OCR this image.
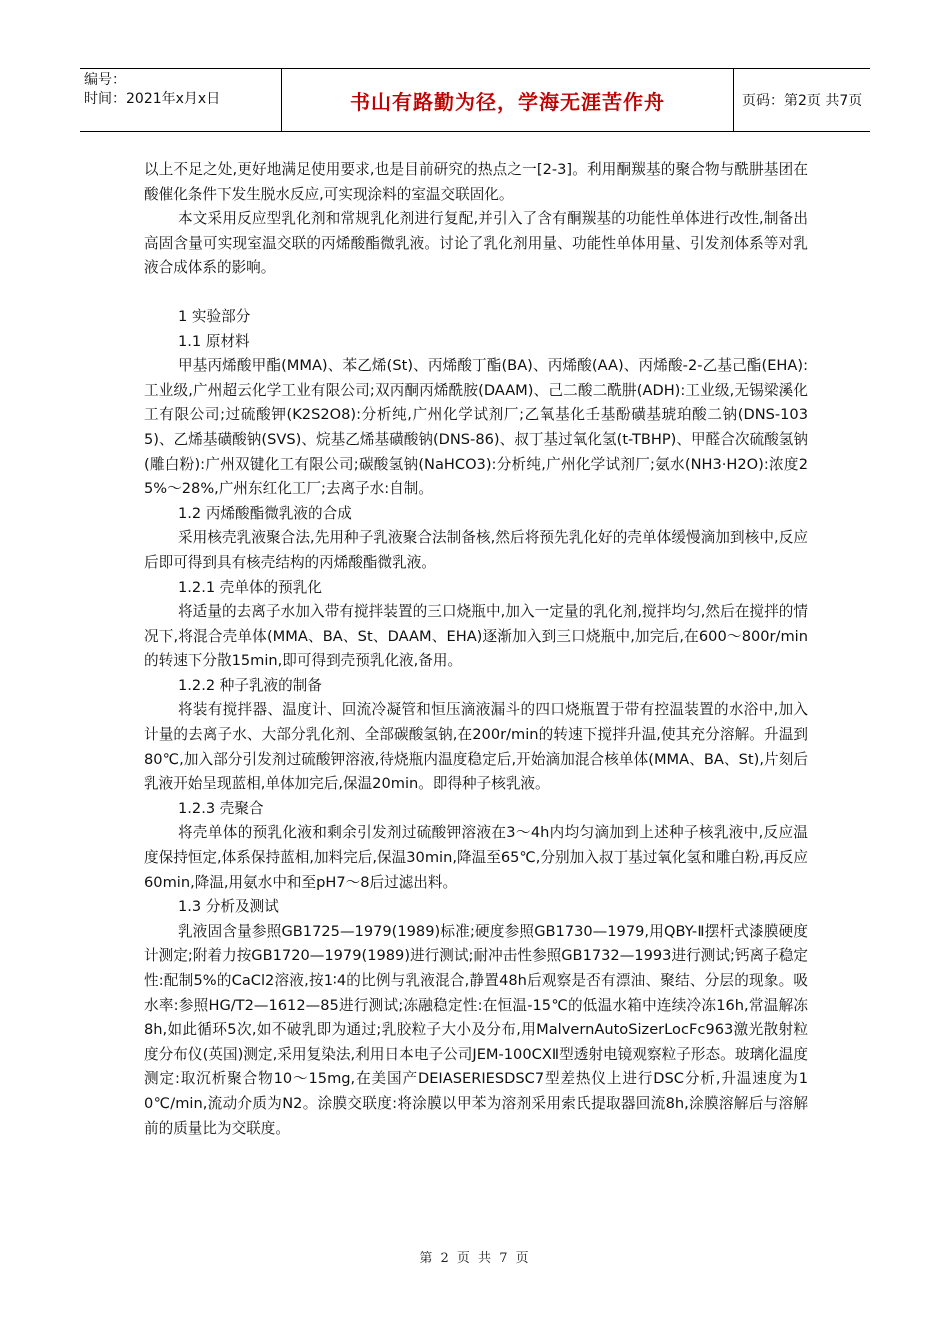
编号：
时间：2021年x月x日	书山有路勤为径，学海无涯苦作舟	页码：第2页 共7页

以上不足之处,更好地满足使用要求,也是目前研究的热点之一[2-3]。利用酮羰基的聚合物与酰肼基团在酸催化条件下发生脱水反应,可实现涂料的室温交联固化。

本文采用反应型乳化剂和常规乳化剂进行复配,并引入了含有酮羰基的功能性单体进行改性,制备出高固含量可实现室温交联的丙烯酸酯微乳液。讨论了乳化剂用量、功能性单体用量、引发剂体系等对乳液合成体系的影响。

1 实验部分

1.1 原材料

甲基丙烯酸甲酯(MMA)、苯乙烯(St)、丙烯酸丁酯(BA)、丙烯酸(AA)、丙烯酸-2-乙基己酯(EHA):工业级,广州超云化学工业有限公司;双丙酮丙烯酰胺(DAAM)、己二酸二酰肼(ADH):工业级,无锡梁溪化工有限公司;过硫酸钾(K2S2O8):分析纯,广州化学试剂厂;乙氧基化壬基酚磺基琥珀酸二钠(DNS-1035)、乙烯基磺酸钠(SVS)、烷基乙烯基磺酸钠(DNS-86)、叔丁基过氧化氢(t-TBHP)、甲醛合次硫酸氢钠(雕白粉):广州双键化工有限公司;碳酸氢钠(NaHCO3):分析纯,广州化学试剂厂;氨水(NH3·H2O):浓度25%～28%,广州东红化工厂;去离子水:自制。

1.2 丙烯酸酯微乳液的合成

采用核壳乳液聚合法,先用种子乳液聚合法制备核,然后将预先乳化好的壳单体缓慢滴加到核中,反应后即可得到具有核壳结构的丙烯酸酯微乳液。

1.2.1 壳单体的预乳化

将适量的去离子水加入带有搅拌装置的三口烧瓶中,加入一定量的乳化剂,搅拌均匀,然后在搅拌的情况下,将混合壳单体(MMA、BA、St、DAAM、EHA)逐渐加入到三口烧瓶中,加完后,在600～800r/min的转速下分散15min,即可得到壳预乳化液,备用。

1.2.2 种子乳液的制备

将装有搅拌器、温度计、回流冷凝管和恒压滴液漏斗的四口烧瓶置于带有控温装置的水浴中,加入计量的去离子水、大部分乳化剂、全部碳酸氢钠,在200r/min的转速下搅拌升温,使其充分溶解。升温到80℃,加入部分引发剂过硫酸钾溶液,待烧瓶内温度稳定后,开始滴加混合核单体(MMA、BA、St),片刻后乳液开始呈现蓝相,单体加完后,保温20min。即得种子核乳液。

1.2.3 壳聚合

将壳单体的预乳化液和剩余引发剂过硫酸钾溶液在3～4h内均匀滴加到上述种子核乳液中,反应温度保持恒定,体系保持蓝相,加料完后,保温30min,降温至65℃,分别加入叔丁基过氧化氢和雕白粉,再反应60min,降温,用氨水中和至pH7～8后过滤出料。

1.3 分析及测试

乳液固含量参照GB1725—1979(1989)标准;硬度参照GB1730—1979,用QBY-Ⅱ摆杆式漆膜硬度计测定;附着力按GB1720—1979(1989)进行测试;耐冲击性参照GB1732—1993进行测试;钙离子稳定性:配制5%的CaCl2溶液,按1∶4的比例与乳液混合,静置48h后观察是否有漂油、聚结、分层的现象。吸水率:参照HG/T2—1612—85进行测试;冻融稳定性:在恒温-15℃的低温水箱中连续冷冻16h,常温解冻8h,如此循环5次,如不破乳即为通过;乳胶粒子大小及分布,用MalvernAutoSizerLocFc963激光散射粒度分布仪(英国)测定,采用复染法,利用日本电子公司JEM-100CXⅡ型透射电镜观察粒子形态。玻璃化温度测定:取沉析聚合物10～15mg,在美国产DEIASERIESDSC7型差热仪上进行DSC分析,升温速度为10℃/min,流动介质为N2。涂膜交联度:将涂膜以甲苯为溶剂采用索氏提取器回流8h,涂膜溶解后与溶解前的质量比为交联度。

第 2 页 共 7 页
